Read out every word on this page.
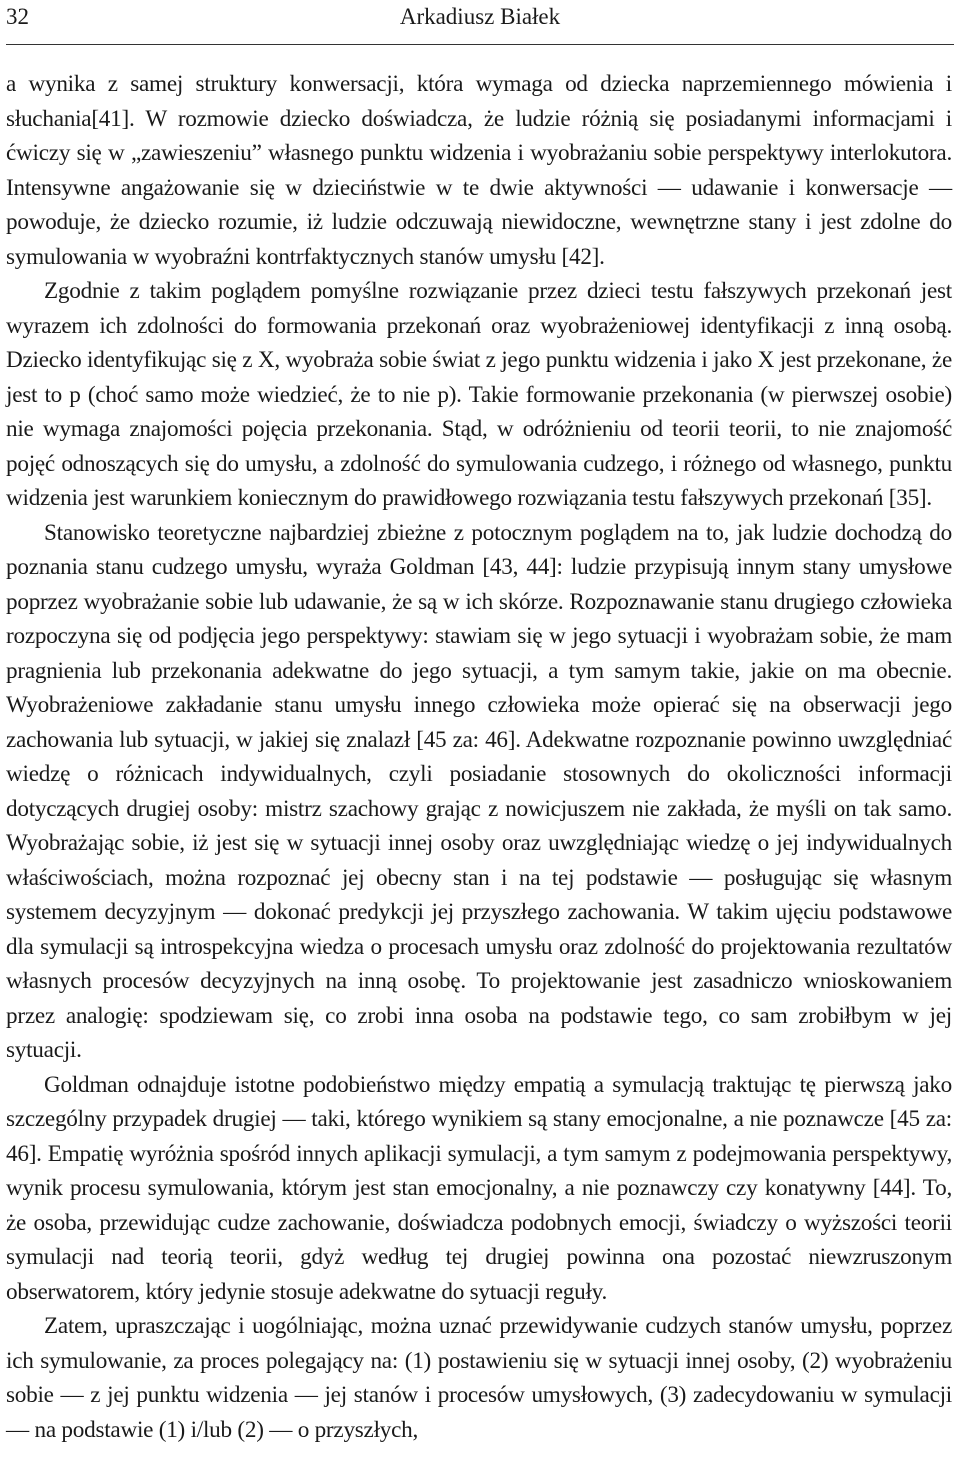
32	Arkadiusz Białek

a wynika z samej struktury konwersacji, która wymaga od dziecka naprzemiennego mówienia i słuchania[41]. W rozmowie dziecko doświadcza, że ludzie różnią się posiadanymi informacjami i ćwiczy się w „zawieszeniu” własnego punktu widzenia i wyobrażaniu sobie perspektywy interlokutora. Intensywne angażowanie się w dzieciństwie w te dwie aktywności — udawanie i konwersacje — powoduje, że dziecko rozumie, iż ludzie odczuwają niewidoczne, wewnętrzne stany i jest zdolne do symulowania w wyobraźni kontrfaktycznych stanów umysłu [42].

Zgodnie z takim poglądem pomyślne rozwiązanie przez dzieci testu fałszywych przekonań jest wyrazem ich zdolności do formowania przekonań oraz wyobrażeniowej identyfikacji z inną osobą. Dziecko identyfikując się z X, wyobraża sobie świat z jego punktu widzenia i jako X jest przekonane, że jest to p (choć samo może wiedzieć, że to nie p). Takie formowanie przekonania (w pierwszej osobie) nie wymaga znajomości pojęcia przekonania. Stąd, w odróżnieniu od teorii teorii, to nie znajomość pojęć odnoszących się do umysłu, a zdolność do symulowania cudzego, i różnego od własnego, punktu widzenia jest warunkiem koniecznym do prawidłowego rozwiązania testu fałszywych przekonań [35].

Stanowisko teoretyczne najbardziej zbieżne z potocznym poglądem na to, jak ludzie dochodzą do poznania stanu cudzego umysłu, wyraża Goldman [43, 44]: ludzie przypisują innym stany umysłowe poprzez wyobrażanie sobie lub udawanie, że są w ich skórze. Rozpoznawanie stanu drugiego człowieka rozpoczyna się od podjęcia jego perspektywy: stawiam się w jego sytuacji i wyobrażam sobie, że mam pragnienia lub przekonania adekwatne do jego sytuacji, a tym samym takie, jakie on ma obecnie. Wyobrażeniowe zakładanie stanu umysłu innego człowieka może opierać się na obserwacji jego zachowania lub sytuacji, w jakiej się znalazł [45 za: 46]. Adekwatne rozpoznanie powinno uwzględniać wiedzę o różnicach indywidualnych, czyli posiadanie stosownych do okoliczności informacji dotyczących drugiej osoby: mistrz szachowy grając z nowicjuszem nie zakłada, że myśli on tak samo. Wyobrażając sobie, iż jest się w sytuacji innej osoby oraz uwzględniając wiedzę o jej indywidualnych właściwościach, można rozpoznać jej obecny stan i na tej podstawie — posługując się własnym systemem decyzyjnym — dokonać predykcji jej przyszłego zachowania. W takim ujęciu podstawowe dla symulacji są introspekcyjna wiedza o procesach umysłu oraz zdolność do projektowania rezultatów własnych procesów decyzyjnych na inną osobę. To projektowanie jest zasadniczo wnioskowaniem przez analogię: spodziewam się, co zrobi inna osoba na podstawie tego, co sam zrobiłbym w jej sytuacji.

Goldman odnajduje istotne podobieństwo między empatią a symulacją traktując tę pierwszą jako szczególny przypadek drugiej — taki, którego wynikiem są stany emocjonalne, a nie poznawcze [45 za: 46]. Empatię wyróżnia spośród innych aplikacji symulacji, a tym samym z podejmowania perspektywy, wynik procesu symulowania, którym jest stan emocjonalny, a nie poznawczy czy konatywny [44]. To, że osoba, przewidując cudze zachowanie, doświadcza podobnych emocji, świadczy o wyższości teorii symulacji nad teorią teorii, gdyż według tej drugiej powinna ona pozostać niewzruszonym obserwatorem, który jedynie stosuje adekwatne do sytuacji reguły.

Zatem, upraszczając i uogólniając, można uznać przewidywanie cudzych stanów umysłu, poprzez ich symulowanie, za proces polegający na: (1) postawieniu się w sytuacji innej osoby, (2) wyobrażeniu sobie — z jej punktu widzenia — jej stanów i procesów umysłowych, (3) zadecydowaniu w symulacji — na podstawie (1) i/lub (2) — o przyszłych,
